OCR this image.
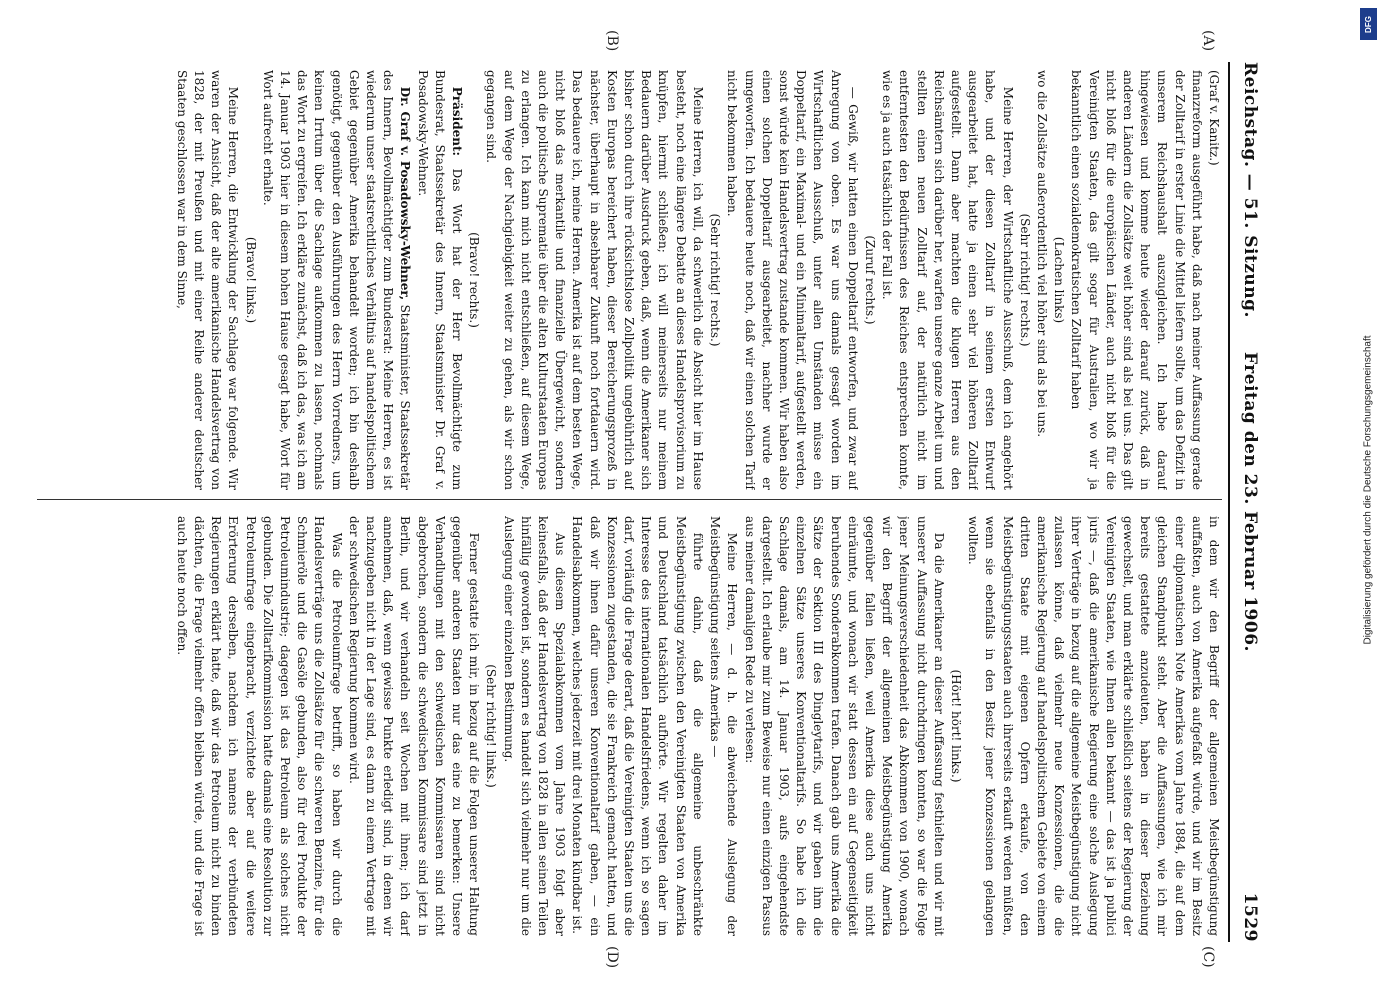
Reichstag. — 51. Sitzung.
Freitag den 23. Februar 1906.
1529
(A)
(B)
(C)
(D)

(Graf v. Kanitz.)

finanzreform ausgeführt habe, daß nach meiner Auffassung gerade der Zolltarif in erster Linie die Mittel liefern sollte, um das Defizit in unserem Reichshaushalt auszugleichen. Ich habe darauf hingewiesen und komme heute wieder darauf zurück, daß in anderen Ländern die Zollsätze weit höher sind als bei uns. Das gilt nicht bloß für die europäischen Länder, auch nicht bloß für die Vereinigten Staaten, das gilt sogar für Australien, wo wir ja bekanntlich einen sozialdemokratischen Zolltarif haben

(Lachen links)

wo die Zollsätze außerordentlich viel höher sind als bei uns.

(Sehr richtig! rechts.)

Meine Herren, der Wirtschaftliche Ausschuß, dem ich angehört habe, und der diesen Zolltarif in seinem ersten Entwurf ausgearbeitet hat, hatte ja einen sehr viel höheren Zolltarif aufgestellt. Dann aber machten die klugen Herren aus den Reichsämtern sich darüber her, warfen unsere ganze Arbeit um und stellten einen neuen Zolltarif auf, der natürlich nicht im entferntesten den Bedürfnissen des Reiches entsprechen konnte, wie es ja auch tatsächlich der Fall ist.

(Zuruf rechts.)

— Gewiß, wir hatten einen Doppeltarif entworfen, und zwar auf Anregung von oben. Es war uns damals gesagt worden im Wirtschaftlichen Ausschuß, unter allen Umständen müsse ein Doppeltarif, ein Maximal- und ein Minimaltarif, aufgestellt werden, sonst würde kein Handelsvertrag zustande kommen. Wir haben also einen solchen Doppeltarif ausgearbeitet, nachher wurde er umgeworfen. Ich bedauere heute noch, daß wir einen solchen Tarif nicht bekommen haben.

(Sehr richtig! rechts.)

Meine Herren, ich will, da schwerlich die Absicht hier im Hause besteht, noch eine längere Debatte an dieses Handelsprovisorium zu knüpfen, hiermit schließen; ich will meinerseits nur meinem Bedauern darüber Ausdruck geben, daß, wenn die Amerikaner sich bisher schon durch ihre rücksichtslose Zollpolitik ungebührlich auf Kosten Europas bereichert haben, dieser Bereicherungsprozeß in nächster, überhaupt in absehbarer Zukunft noch fortdauern wird. Das bedauere ich, meine Herren. Amerika ist auf dem besten Wege, nicht bloß das merkantile und finanzielle Übergewicht, sondern auch die politische Suprematie über die alten Kulturstaaten Europas zu erlangen. Ich kann mich nicht entschließen, auf diesem Wege, auf dem Wege der Nachgiebigkeit weiter zu gehen, als wir schon gegangen sind.

(Bravo! rechts.)

Präsident: Das Wort hat der Herr Bevollmächtigte zum Bundesrat, Staatssekretär des Innern, Staatsminister Dr. Graf v. Posadowsky-Wehner.

Dr. Graf v. Posadowsky-Wehner, Staatsminister, Staatssekretär des Innern, Bevollmächtigter zum Bundesrat: Meine Herren, es ist wiederum unser staatsrechtliches Verhältnis auf handelspolitischem Gebiet gegenüber Amerika behandelt worden; ich bin deshalb genötigt, gegenüber den Ausführungen des Herrn Vorredners, um keinen Irrtum über die Sachlage aufkommen zu lassen, nochmals das Wort zu ergreifen. Ich erkläre zunächst, daß ich das, was ich am 14. Januar 1903 hier in diesem hohen Hause gesagt habe, Wort für Wort aufrecht erhalte.

(Bravo! links.)

Meine Herren, die Entwicklung der Sachlage war folgende. Wir waren der Ansicht, daß der alte amerikanische Handelsvertrag von 1828, der mit Preußen und mit einer Reihe anderer deutscher Staaten geschlossen war in dem Sinne,

in dem wir den Begriff der allgemeinen Meistbegünstigung auffaßten, auch von Amerika aufgefaßt würde, und wir im Besitz einer diplomatischen Note Amerikas vom Jahre 1884, die auf dem gleichen Standpunkt steht. Aber die Auffassungen, wie ich mir bereits gestattete anzudeuten, haben in dieser Beziehung gewechselt, und man erklärte schließlich seitens der Regierung der Vereinigten Staaten, wie Ihnen allen bekannt — das ist ja publici juris —, daß die amerikanische Regierung eine solche Auslegung ihrer Verträge in bezug auf die allgemeine Meistbegünstigung nicht zulassen könne, daß vielmehr neue Konzessionen, die die amerikanische Regierung auf handelspolitischem Gebiete von einem dritten Staate mit eigenen Opfern erkaufe, von den Meistbegünstigungsstaaten auch ihrerseits erkauft werden müßten, wenn sie ebenfalls in den Besitz jener Konzessionen gelangen wollten.

(Hört! hört! links.)

Da die Amerikaner an dieser Auffassung festhielten und wir mit unserer Auffassung nicht durchdringen konnten, so war die Folge jener Meinungsverschiedenheit das Abkommen von 1900, wonach wir den Begriff der allgemeinen Meistbegünstigung Amerika gegenüber fallen ließen, weil Amerika diese auch uns nicht einräumte, und wonach wir statt dessen ein auf Gegenseitigkeit beruhendes Sonderabkommen trafen. Danach gab uns Amerika die Sätze der Sektion III des Dingleytarifs, und wir gaben ihm die einzelnen Sätze unseres Konventionaltarifs. So habe ich die Sachlage damals, am 14. Januar 1903, aufs eingehendste dargestellt. Ich erlaube mir zum Beweise nur einen einzigen Passus aus meiner damaligen Rede zu verlesen:

Meine Herren, — d. h. die abweichende Auslegung der Meistbegünstigung seitens Amerikas —

führte dahin, daß die allgemeine unbeschränkte Meistbegünstigung zwischen den Vereinigten Staaten von Amerika und Deutschland tatsächlich aufhörte. Wir regelten daher im Interesse des internationalen Handelsfriedens, wenn ich so sagen darf, vorläufig die Frage derart, daß die Vereinigten Staaten uns die Konzessionen zugestanden, die sie Frankreich gemacht hatten, und daß wir ihnen dafür unseren Konventionaltarif gaben, — ein Handelsabkommen, welches jederzeit mit drei Monaten kündbar ist.

Aus diesem Spezialabkommen vom Jahre 1903 folgt aber keinesfalls, daß der Handelsvertrag von 1828 in allen seinen Teilen hinfällig geworden ist, sondern es handelt sich vielmehr nur um die Auslegung einer einzelnen Bestimmung.

(Sehr richtig! links.)

Ferner gestatte ich mir, in bezug auf die Folgen unserer Haltung gegenüber anderen Staaten nur das eine zu bemerken: Unsere Verhandlungen mit den schwedischen Kommissaren sind nicht abgebrochen, sondern die schwedischen Kommissare sind jetzt in Berlin, und wir verhandeln seit Wochen mit ihnen; ich darf annehmen, daß, wenn gewisse Punkte erledigt sind, in denen wir nachzugeben nicht in der Lage sind, es dann zu einem Vertrage mit der schwedischen Regierung kommen wird.

Was die Petroleumfrage betrifft, so haben wir durch die Handelsverträge uns die Zollsätze für die schweren Benzine, für die Schmieröle und die Gasöle gebunden, also für drei Produkte der Petroleumindustrie; dagegen ist das Petroleum als solches nicht gebunden. Die Zolltarifkommission hatte damals eine Resolution zur Petroleumfrage eingebracht, verzichtete aber auf die weitere Erörterung derselben, nachdem ich namens der verbündeten Regierungen erklärt hatte, daß wir das Petroleum nicht zu binden dächten, die Frage vielmehr offen bleiben würde, und die Frage ist auch heute noch offen.

DFG
Digitalisierung gefördert durch die Deutsche Forschungsgemeinschaft
